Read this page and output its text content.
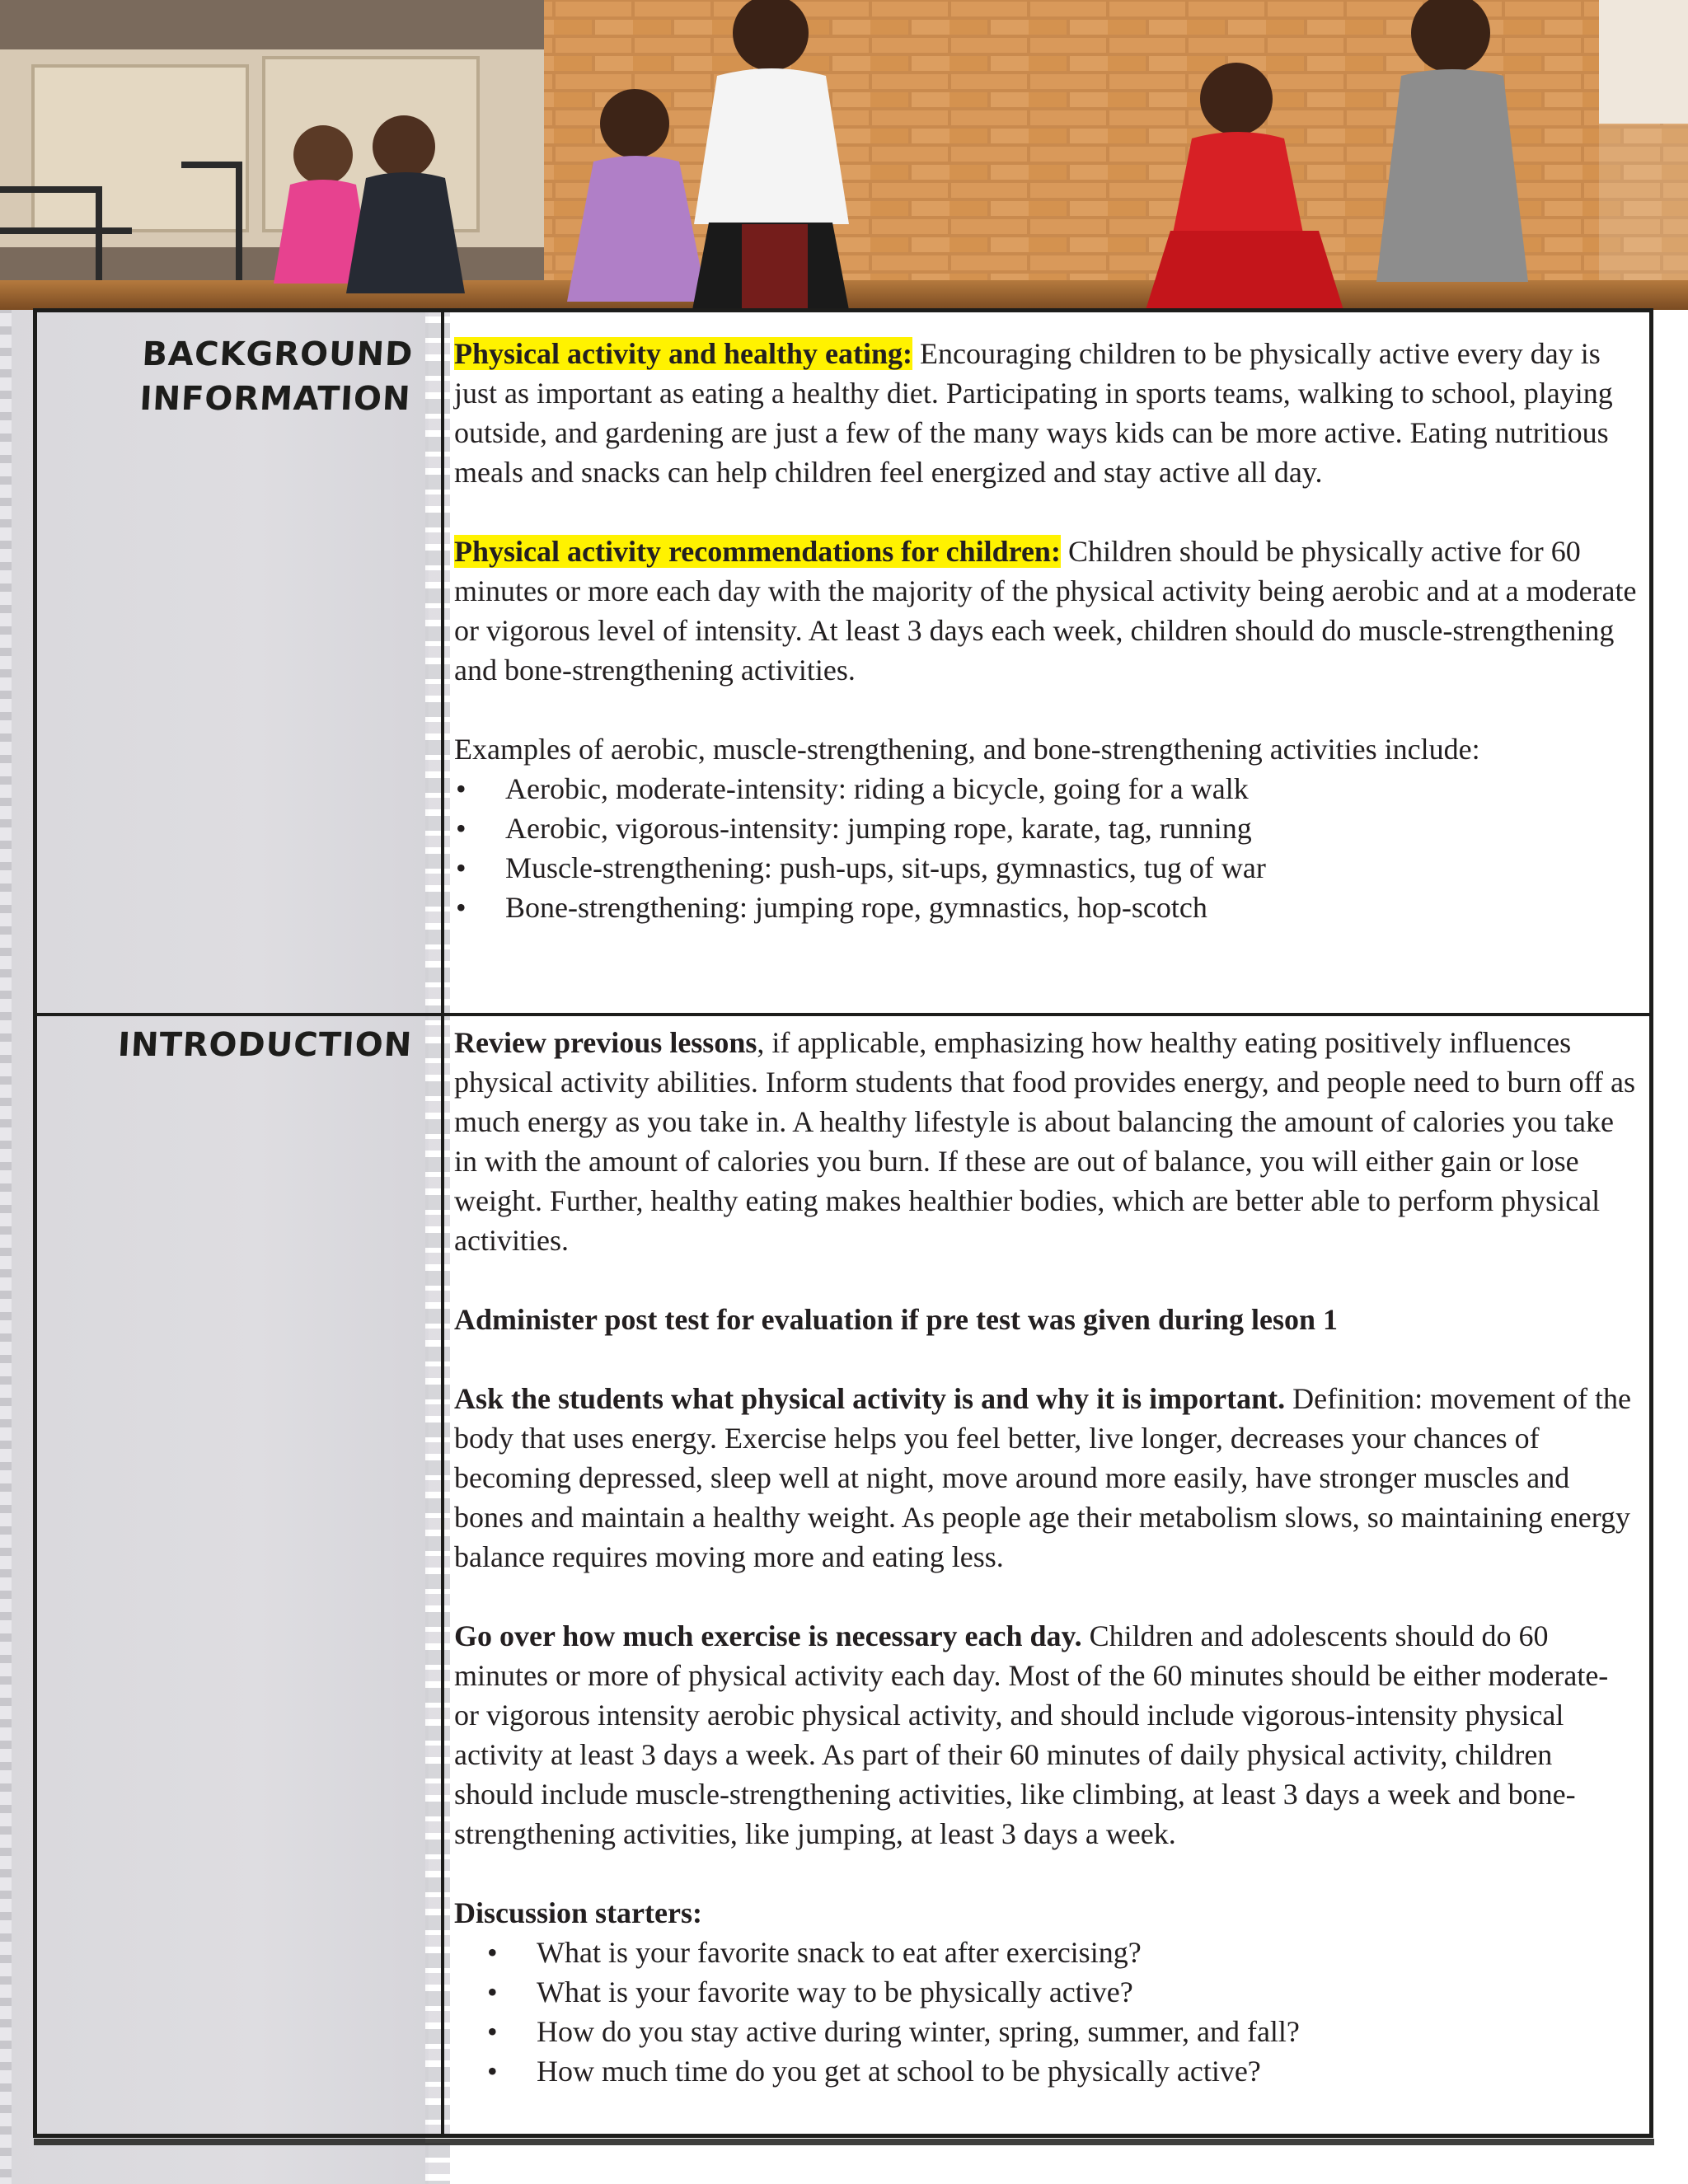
BACKGROUND
INFORMATION

Physical activity and healthy eating: Encouraging children to be physically active every day is just as important as eating a healthy diet. Participating in sports teams, walking to school, playing outside, and gardening are just a few of the many ways kids can be more active. Eating nutritious meals and snacks can help children feel energized and stay active all day.

Physical activity recommendations for children: Children should be physically active for 60 minutes or more each day with the majority of the physical activity being aerobic and at a moderate or vigorous level of intensity. At least 3 days each week, children should do muscle-strengthening and bone-strengthening activities.

Examples of aerobic, muscle-strengthening, and bone-strengthening activities include:

• Aerobic, moderate-intensity: riding a bicycle, going for a walk
• Aerobic, vigorous-intensity: jumping rope, karate, tag, running
• Muscle-strengthening: push-ups, sit-ups, gymnastics, tug of war
• Bone-strengthening: jumping rope, gymnastics, hop-scotch
INTRODUCTION Review previous lessons, if applicable, emphasizing how healthy eating positively influences physical activity abilities. Inform students that food provides energy, and people need to burn off as much energy as you take in. A healthy lifestyle is about balancing the amount of calories you take in with the amount of calories you burn. If these are out of balance, you will either gain or lose weight. Further, healthy eating makes healthier bodies, which are better able to perform physical activities.

Administer post test for evaluation if pre test was given during leson 1

Ask the students what physical activity is and why it is important. Definition: movement of the body that uses energy. Exercise helps you feel better, live longer, decreases your chances of becoming depressed, sleep well at night, move around more easily, have stronger muscles and bones and maintain a healthy weight. As people age their metabolism slows, so maintaining energy balance requires moving more and eating less.

Go over how much exercise is necessary each day. Children and adolescents should do 60 minutes or more of physical activity each day. Most of the 60 minutes should be either moderate- or vigorous intensity aerobic physical activity, and should include vigorous-intensity physical activity at least 3 days a week. As part of their 60 minutes of daily physical activity, children should include muscle-strengthening activities, like climbing, at least 3 days a week and bone-strengthening activities, like jumping, at least 3 days a week.

Discussion starters:

• What is your favorite snack to eat after exercising?
• What is your favorite way to be physically active?
• How do you stay active during winter, spring, summer, and fall?
• How much time do you get at school to be physically active?
